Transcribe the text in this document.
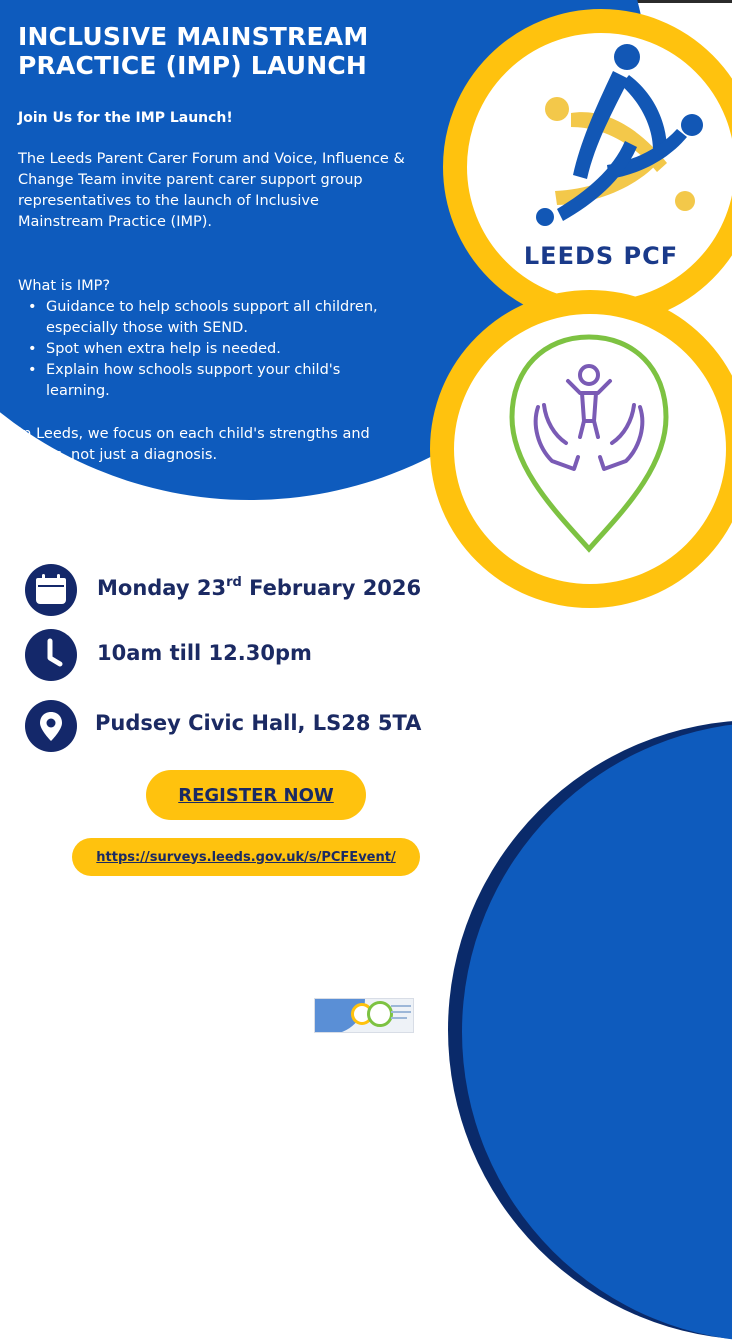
LEEDS PCF
INCLUSIVE MAINSTREAM
PRACTICE (IMP) LAUNCH

Join Us for the IMP Launch!

The Leeds Parent Carer Forum and Voice, Influence & Change Team invite parent carer support group representatives to the launch of Inclusive Mainstream Practice (IMP).

What is IMP?

• Guidance to help schools support all children, especially those with SEND.
• Spot when extra help is needed.
• Explain how schools support your child's learning.

In Leeds, we focus on each child's strengths and needs, not just a diagnosis.

Monday 23rd February 2026
10am till 12.30pm
Pudsey Civic Hall, LS28 5TA
REGISTER NOW
https://surveys.leeds.gov.uk/s/PCFEvent/
